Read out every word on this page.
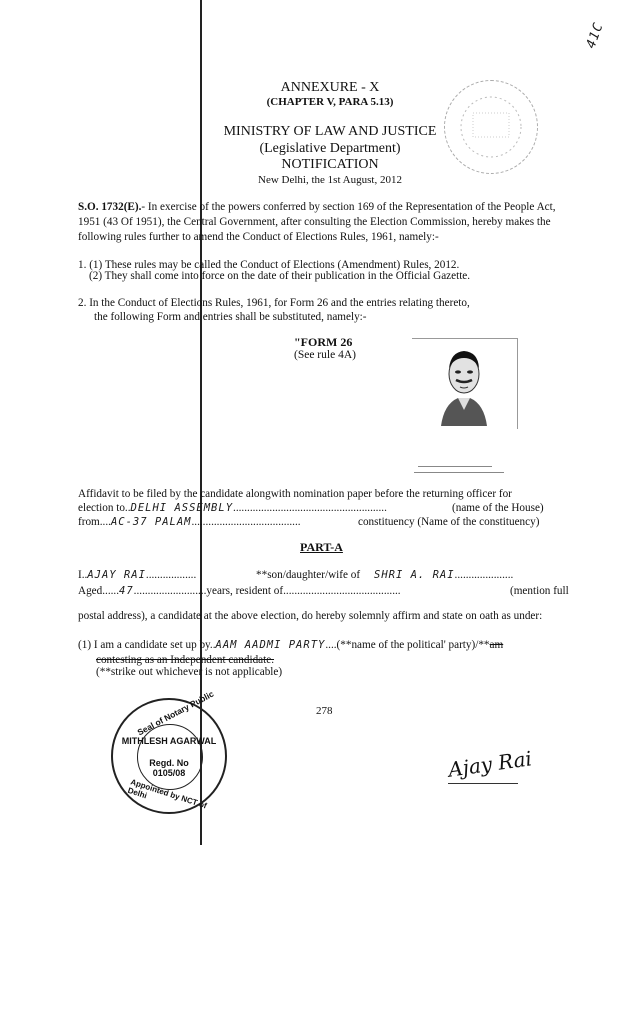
41C
ANNEXURE - X
(CHAPTER V, PARA 5.13)
MINISTRY OF LAW AND JUSTICE
(Legislative Department)
NOTIFICATION
New Delhi, the 1st August, 2012
S.O. 1732(E).- In exercise of the powers conferred by section 169 of the Representation of the People Act, 1951 (43 Of 1951), the Central Government, after consulting the Election Commission, hereby makes the following rules further to amend the Conduct of Elections Rules, 1961, namely:-
1. (1) These rules may be called the Conduct of Elections (Amendment) Rules, 2012.
(2) They shall come into force on the date of their publication in the Official Gazette.
2. In the Conduct of Elections Rules, 1961, for Form 26 and the entries relating thereto,
the following Form and entries shall be substituted, namely:-
"FORM 26
(See rule 4A)
Affidavit to be filed by the candidate alongwith nomination paper before the returning officer for
election to..DELHI ASSEMBLY.......................................................	(name of the House)
from....AC-37 PALAM.......................................	constituency (Name of the constituency)
PART-A
I..AJAY RAI..................	**son/daughter/wife of SHRI A. RAI.....................
Aged......47..........................years, resident of..........................................	(mention full
postal address), a candidate at the above election, do hereby solemnly affirm and state on oath as under:
(1) I am a candidate set up by..AAM AADMI PARTY....(**name of the political' party)/**am
contesting as an Independent candidate.
(**strike out whichever is not applicable)
278
Seal of Notary Public
MITHLESH AGARWAL
Regd. No
0105/08
Appointed by NCT of Delhi
Ajay Rai
